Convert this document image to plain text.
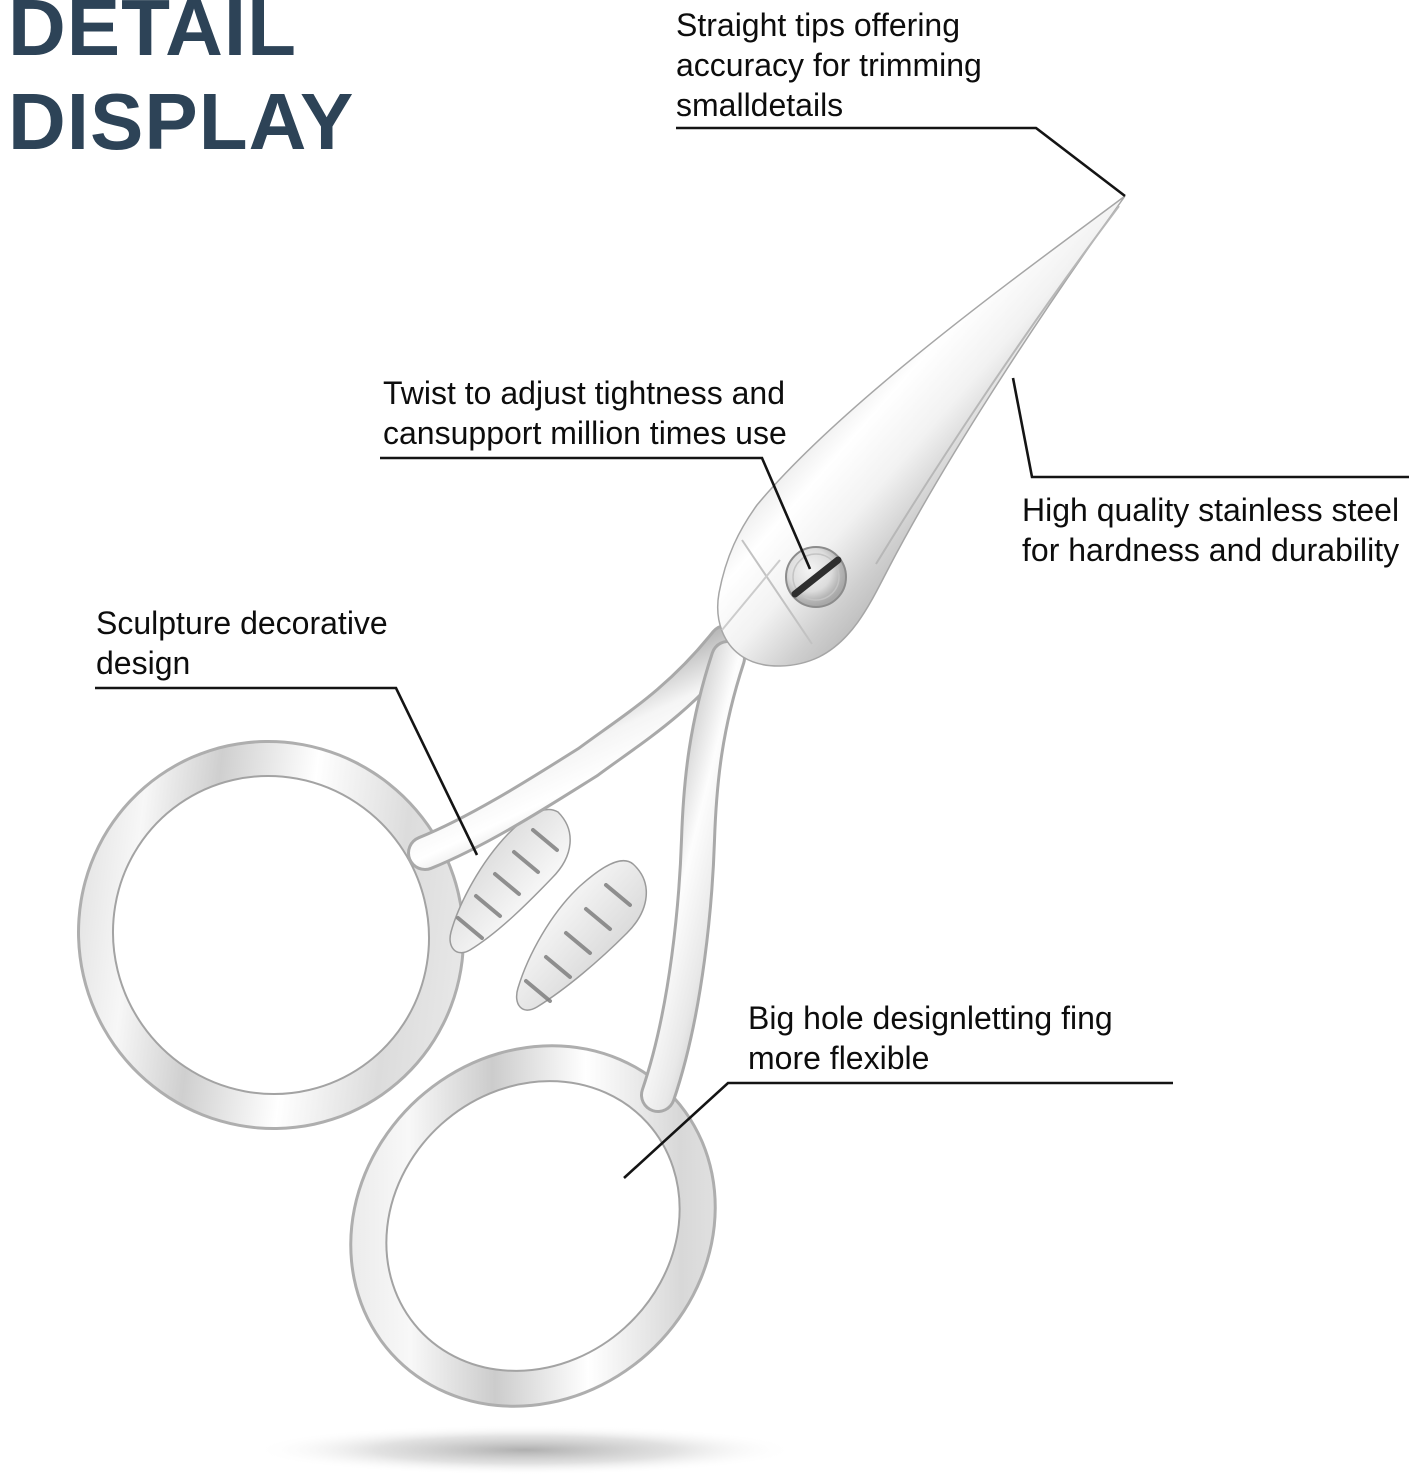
DETAIL
DISPLAY
Straight tips offering
accuracy for trimming
smalldetails
Twist to adjust tightness and
cansupport million times use
High quality stainless steel
for hardness and durability
Sculpture decorative
design
Big hole designletting fing
more flexible
